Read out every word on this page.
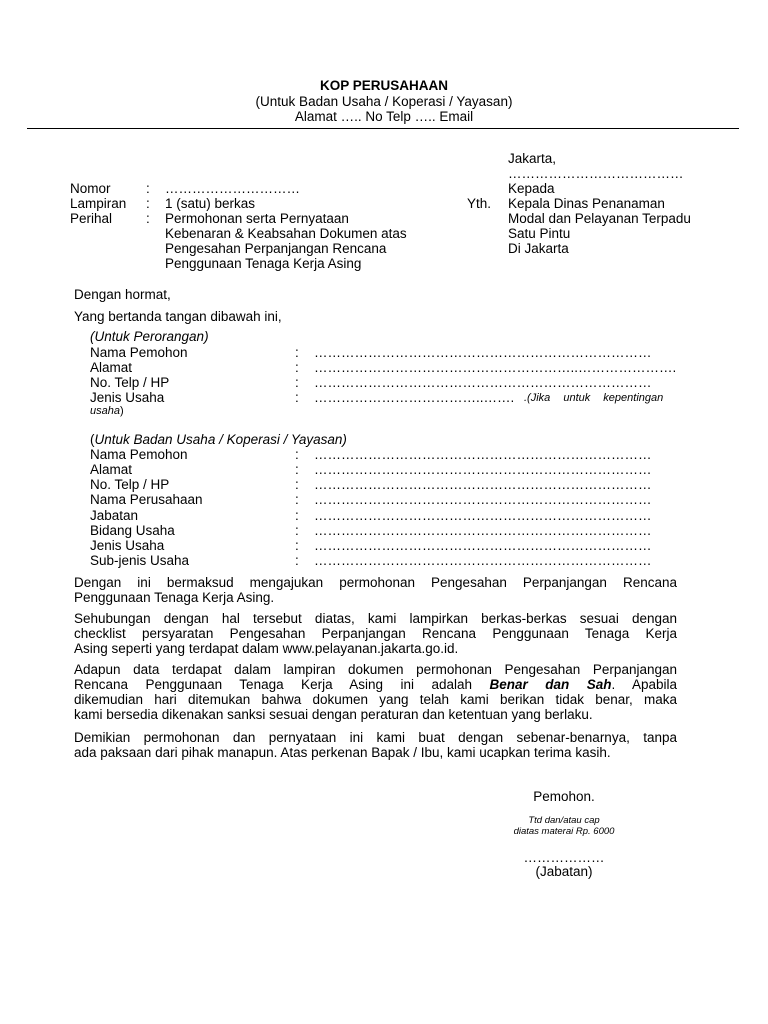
KOP PERUSAHAAN
(Untuk Badan Usaha / Koperasi / Yayasan)
Alamat ….. No Telp ….. Email
Jakarta,
…………………………………
Nomor	: …………………………
Lampiran : 1 (satu) berkas
Perihal	: Permohonan serta Pernyataan
Kebenaran & Keabsahan Dokumen atas
Pengesahan Perpanjangan Rencana
Penggunaan Tenaga Kerja Asing
Kepada
Yth. Kepala Dinas Penanaman
Modal dan Pelayanan Terpadu
Satu Pintu
Di Jakarta
Dengan hormat,
Yang bertanda tangan dibawah ini,
(Untuk Perorangan)
Nama Pemohon	: …………………………………………………………………
Alamat	: …………………………………………………..………………….
No. Telp / HP	: …………………………………………………………………
Jenis Usaha	: ………………………………..……. .(Jika untuk kepentingan
usaha)
(Untuk Badan Usaha / Koperasi / Yayasan)
Nama Pemohon	: …………………………………………………………………
Alamat	: …………………………………………………………………
No. Telp / HP	: …………………………………………………………………
Nama Perusahaan	: …………………………………………………………………
Jabatan	: …………………………………………………………………
Bidang Usaha	: …………………………………………………………………
Jenis Usaha	: …………………………………………………………………
Sub-jenis Usaha	: …………………………………………………………………
Dengan ini bermaksud mengajukan permohonan Pengesahan Perpanjangan Rencana
Penggunaan Tenaga Kerja Asing.
Sehubungan dengan hal tersebut diatas, kami lampirkan berkas-berkas sesuai dengan
checklist persyaratan Pengesahan Perpanjangan Rencana Penggunaan Tenaga Kerja
Asing seperti yang terdapat dalam www.pelayanan.jakarta.go.id.
Adapun data terdapat dalam lampiran dokumen permohonan Pengesahan Perpanjangan
Rencana Penggunaan Tenaga Kerja Asing ini adalah Benar dan Sah. Apabila
dikemudian hari ditemukan bahwa dokumen yang telah kami berikan tidak benar, maka
kami bersedia dikenakan sanksi sesuai dengan peraturan dan ketentuan yang berlaku.
Demikian permohonan dan pernyataan ini kami buat dengan sebenar-benarnya, tanpa
ada paksaan dari pihak manapun. Atas perkenan Bapak / Ibu, kami ucapkan terima kasih.
Pemohon.
Ttd dan/atau cap
diatas materai Rp. 6000
………………
(Jabatan)
